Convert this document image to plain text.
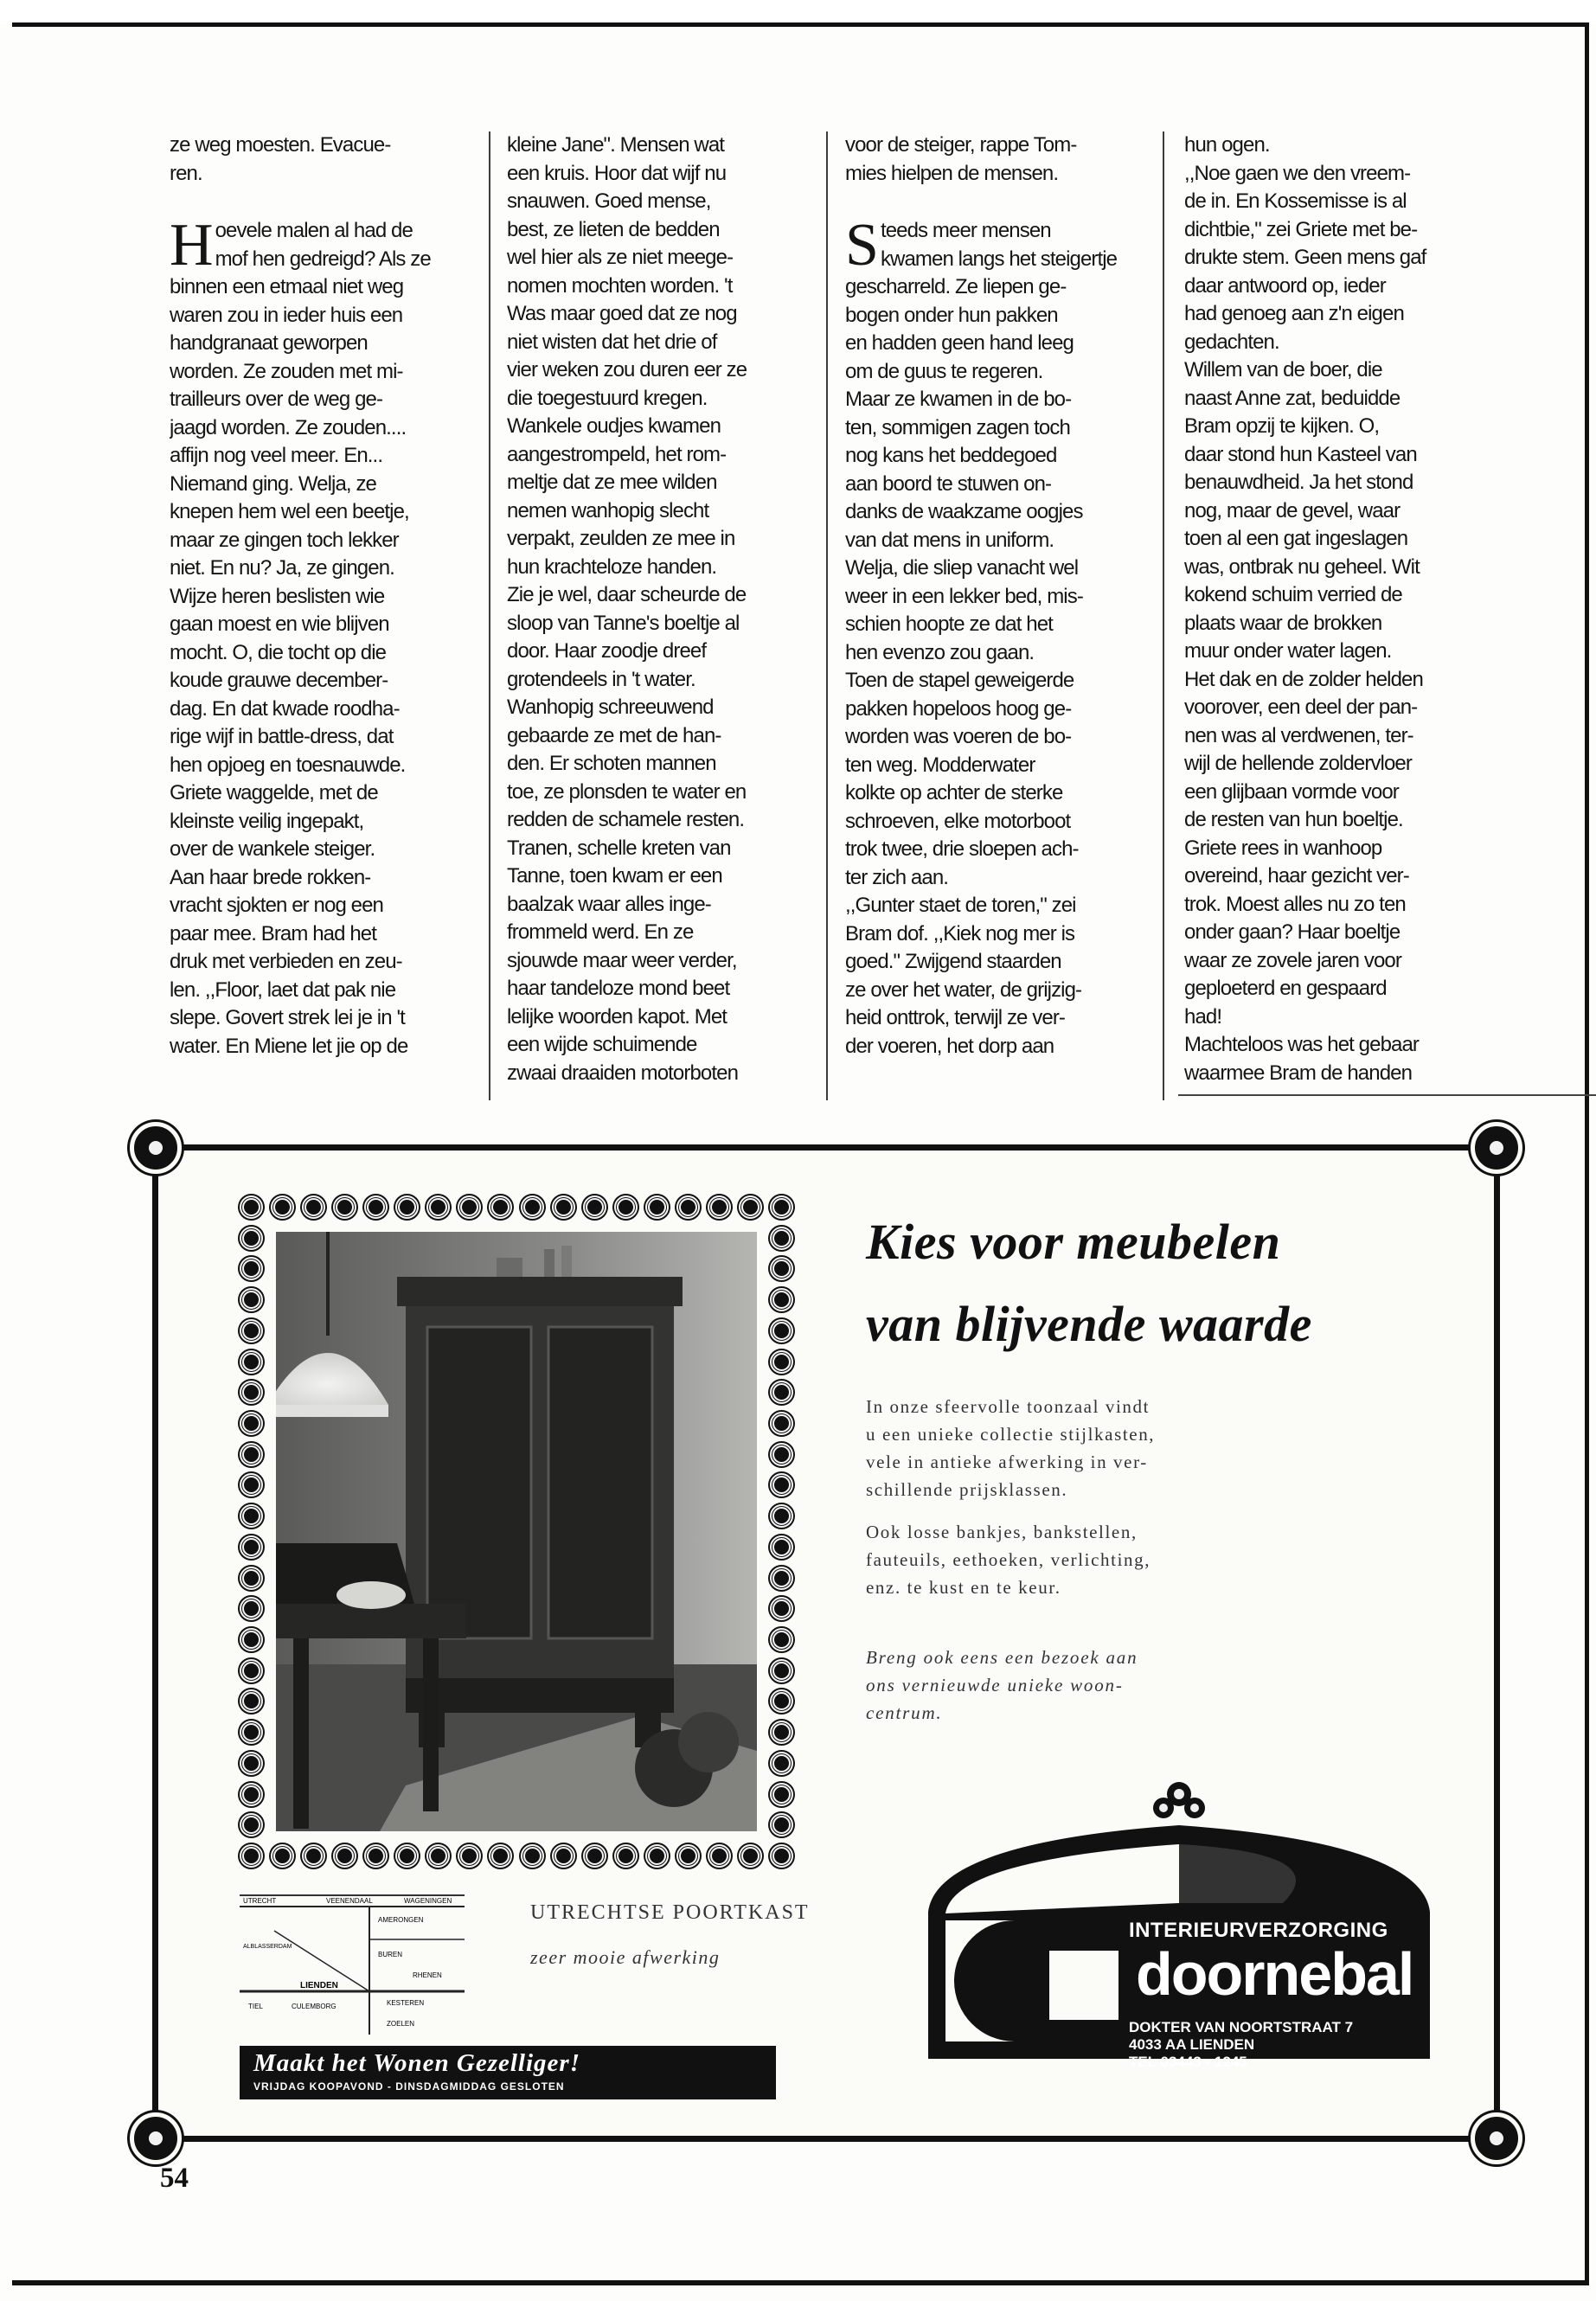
ze weg moesten. Evacue-
ren.

Hoevele malen al had de
mof hen gedreigd? Als ze
binnen een etmaal niet weg
waren zou in ieder huis een
handgranaat geworpen
worden. Ze zouden met mi-
trailleurs over de weg ge-
jaagd worden. Ze zouden....
affijn nog veel meer. En...
Niemand ging. Welja, ze
knepen hem wel een beetje,
maar ze gingen toch lekker
niet. En nu? Ja, ze gingen.
Wijze heren beslisten wie
gaan moest en wie blijven
mocht. O, die tocht op die
koude grauwe december-
dag. En dat kwade roodha-
rige wijf in battle-dress, dat
hen opjoeg en toesnauwde.
Griete waggelde, met de
kleinste veilig ingepakt,
over de wankele steiger.
Aan haar brede rokken-
vracht sjokten er nog een
paar mee. Bram had het
druk met verbieden en zeu-
len. ,,Floor, laet dat pak nie
slepe. Govert strek lei je in 't
water. En Miene let jie op de

kleine Jane". Mensen wat
een kruis. Hoor dat wijf nu
snauwen. Goed mense,
best, ze lieten de bedden
wel hier als ze niet meege-
nomen mochten worden. 't
Was maar goed dat ze nog
niet wisten dat het drie of
vier weken zou duren eer ze
die toegestuurd kregen.
Wankele oudjes kwamen
aangestrompeld, het rom-
meltje dat ze mee wilden
nemen wanhopig slecht
verpakt, zeulden ze mee in
hun krachteloze handen.
Zie je wel, daar scheurde de
sloop van Tanne's boeltje al
door. Haar zoodje dreef
grotendeels in 't water.
Wanhopig schreeuwend
gebaarde ze met de han-
den. Er schoten mannen
toe, ze plonsden te water en
redden de schamele resten.
Tranen, schelle kreten van
Tanne, toen kwam er een
baalzak waar alles inge-
frommeld werd. En ze
sjouwde maar weer verder,
haar tandeloze mond beet
lelijke woorden kapot. Met
een wijde schuimende
zwaai draaiden motorboten

voor de steiger, rappe Tom-
mies hielpen de mensen.

Steeds meer mensen
kwamen langs het steigertje
gescharreld. Ze liepen ge-
bogen onder hun pakken
en hadden geen hand leeg
om de guus te regeren.
Maar ze kwamen in de bo-
ten, sommigen zagen toch
nog kans het beddegoed
aan boord te stuwen on-
danks de waakzame oogjes
van dat mens in uniform.
Welja, die sliep vanacht wel
weer in een lekker bed, mis-
schien hoopte ze dat het
hen evenzo zou gaan.
Toen de stapel geweigerde
pakken hopeloos hoog ge-
worden was voeren de bo-
ten weg. Modderwater
kolkte op achter de sterke
schroeven, elke motorboot
trok twee, drie sloepen ach-
ter zich aan.
,,Gunter staet de toren," zei
Bram dof. ,,Kiek nog mer is
goed." Zwijgend staarden
ze over het water, de grijzig-
heid onttrok, terwijl ze ver-
der voeren, het dorp aan

hun ogen.
,,Noe gaen we den vreem-
de in. En Kossemisse is al
dichtbie," zei Griete met be-
drukte stem. Geen mens gaf
daar antwoord op, ieder
had genoeg aan z'n eigen
gedachten.
Willem van de boer, die
naast Anne zat, beduidde
Bram opzij te kijken. O,
daar stond hun Kasteel van
benauwdheid. Ja het stond
nog, maar de gevel, waar
toen al een gat ingeslagen
was, ontbrak nu geheel. Wit
kokend schuim verried de
plaats waar de brokken
muur onder water lagen.
Het dak en de zolder helden
voorover, een deel der pan-
nen was al verdwenen, ter-
wijl de hellende zoldervloer
een glijbaan vormde voor
de resten van hun boeltje.
Griete rees in wanhoop
overeind, haar gezicht ver-
trok. Moest alles nu zo ten
onder gaan? Haar boeltje
waar ze zovele jaren voor
geploeterd en gespaard
had!
Machteloos was het gebaar
waarmee Bram de handen

Kies voor meubelen
van blijvende waarde
In onze sfeervolle toonzaal vindt
u een unieke collectie stijlkasten,
vele in antieke afwerking in ver-
schillende prijsklassen.
Ook losse bankjes, bankstellen,
fauteuils, eethoeken, verlichting,
enz. te kust en te keur.
Breng ook eens een bezoek aan
ons vernieuwde unieke woon-
centrum.
UTRECHT	VEENENDAAL	WAGENINGEN
AMERONGEN
LIENDEN
BUREN
TIEL	CULEMBORG	KESTEREN
ALBLASSERDAM
RHENEN
ZOELEN
UTRECHTSE POORTKAST
zeer mooie afwerking
Maakt het Wonen Gezelliger!
VRIJDAG KOOPAVOND - DINSDAGMIDDAG GESLOTEN
INTERIEURVERZORGING
doornebal
DOKTER VAN NOORTSTRAAT 7
4033 AA LIENDEN
TEL 03443 - 1245
54
